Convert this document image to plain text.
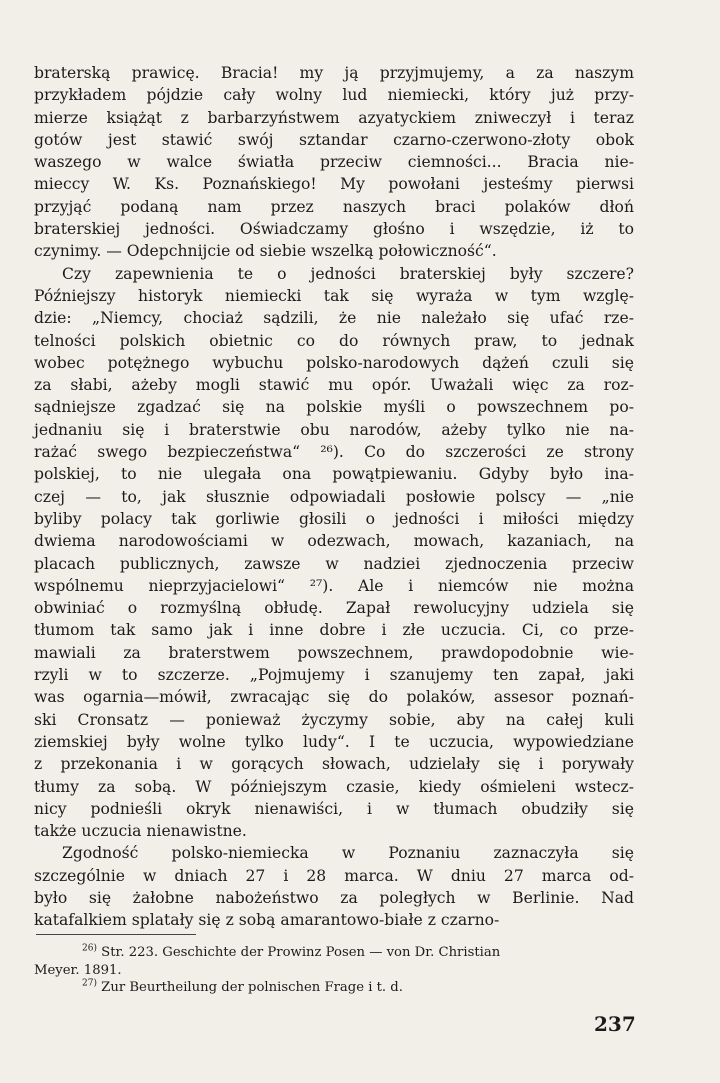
braterską prawicę. Bracia! my ją przyjmujemy, a za naszym
przykładem pójdzie cały wolny lud niemiecki, który już przy-
mierze książąt z barbarzyństwem azyatyckiem zniweczył i teraz
gotów jest stawić swój sztandar czarno-czerwono-złoty obok
waszego w walce światła przeciw ciemności... Bracia nie-
mieccy W. Ks. Poznańskiego! My powołani jesteśmy pierwsi
przyjąć podaną nam przez naszych braci polaków dłoń
braterskiej jedności. Oświadczamy głośno i wszędzie, iż to
czynimy. — Odepchnijcie od siebie wszelką połowiczność“.
Czy zapewnienia te o jedności braterskiej były szczere?
Późniejszy historyk niemiecki tak się wyraża w tym wzglę-
dzie: „Niemcy, chociaż sądzili, że nie należało się ufać rze-
telności polskich obietnic co do równych praw, to jednak
wobec potężnego wybuchu polsko-narodowych dążeń czuli się
za słabi, ażeby mogli stawić mu opór. Uważali więc za roz-
sądniejsze zgadzać się na polskie myśli o powszechnem po-
jednaniu się i braterstwie obu narodów, ażeby tylko nie na-
rażać swego bezpieczeństwa“ ²⁶). Co do szczerości ze strony
polskiej, to nie ulegała ona powątpiewaniu. Gdyby było ina-
czej — to, jak słusznie odpowiadali posłowie polscy — „nie
byliby polacy tak gorliwie głosili o jedności i miłości między
dwiema narodowościami w odezwach, mowach, kazaniach, na
placach publicznych, zawsze w nadziei zjednoczenia przeciw
wspólnemu nieprzyjacielowi“ ²⁷). Ale i niemców nie można
obwiniać o rozmyślną obłudę. Zapał rewolucyjny udziela się
tłumom tak samo jak i inne dobre i złe uczucia. Ci, co prze-
mawiali za braterstwem powszechnem, prawdopodobnie wie-
rzyli w to szczerze. „Pojmujemy i szanujemy ten zapał, jaki
was ogarnia—mówił, zwracając się do polaków, assesor poznań-
ski Cronsatz — ponieważ życzymy sobie, aby na całej kuli
ziemskiej były wolne tylko ludy“. I te uczucia, wypowiedziane
z przekonania i w gorących słowach, udzielały się i porywały
tłumy za sobą. W późniejszym czasie, kiedy ośmieleni wstecz-
nicy podnieśli okryk nienawiści, i w tłumach obudziły się
także uczucia nienawistne.
Zgodność polsko-niemiecka w Poznaniu zaznaczyła się
szczególnie w dniach 27 i 28 marca. W dniu 27 marca od-
było się żałobne nabożeństwo za poległych w Berlinie. Nad
katafalkiem splatały się z sobą amarantowo-białe z czarno-
$^{26)}$ Str. 223. Geschichte der Prowinz Posen — von Dr. Christian
Meyer. 1891.
$^{27)}$ Zur Beurtheilung der polnischen Frage i t. d.
237
